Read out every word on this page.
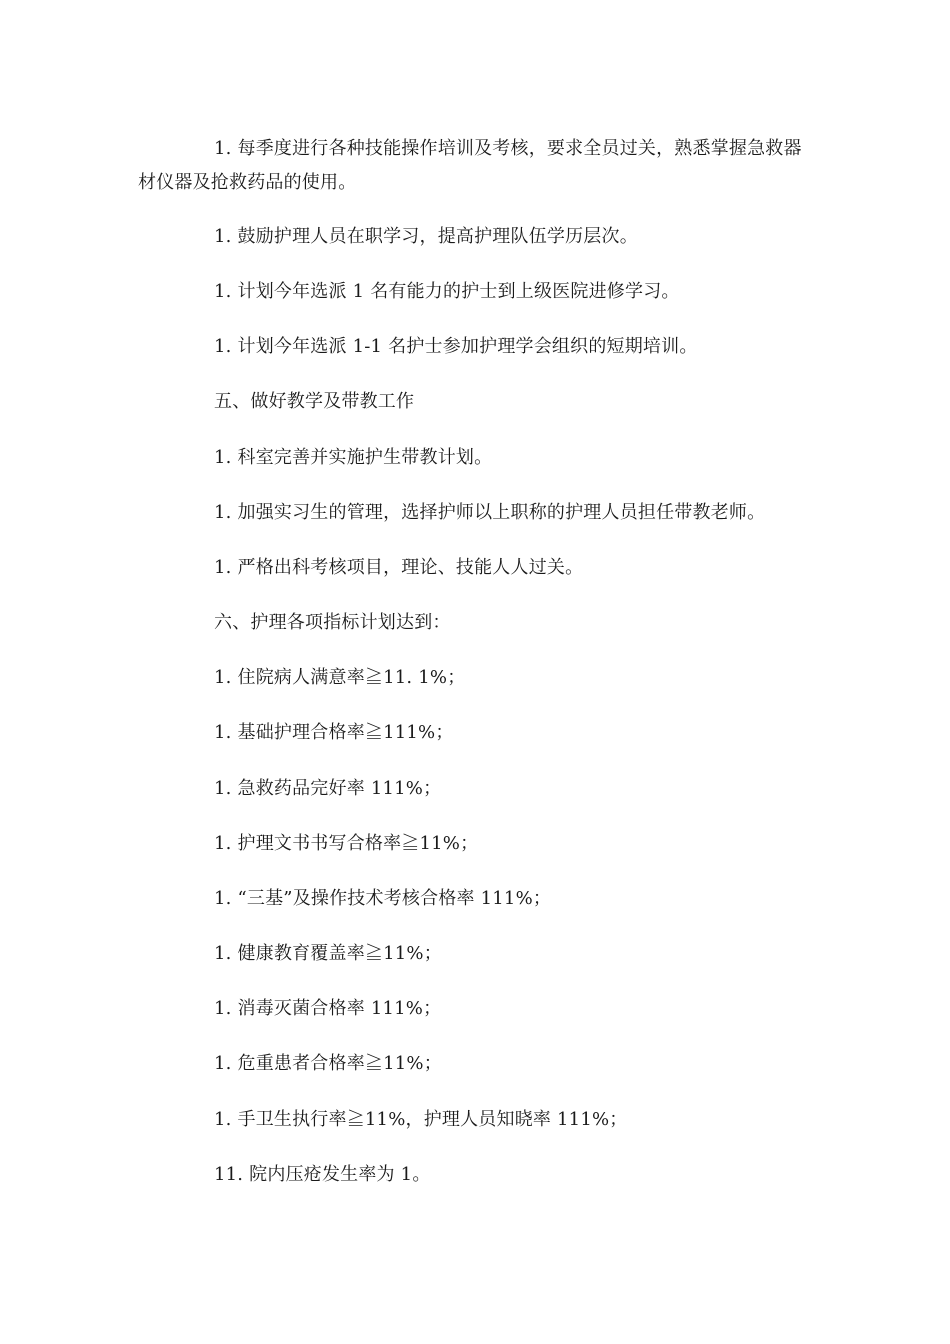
1. 每季度进行各种技能操作培训及考核，要求全员过关，熟悉掌握急救器材仪器及抢救药品的使用。

1. 鼓励护理人员在职学习，提高护理队伍学历层次。

1. 计划今年选派 1 名有能力的护士到上级医院进修学习。

1. 计划今年选派 1-1 名护士参加护理学会组织的短期培训。

五、做好教学及带教工作

1. 科室完善并实施护生带教计划。

1. 加强实习生的管理，选择护师以上职称的护理人员担任带教老师。

1. 严格出科考核项目，理论、技能人人过关。

六、护理各项指标计划达到：

1. 住院病人满意率≧11. 1%；

1. 基础护理合格率≧111%；

1. 急救药品完好率 111%；

1. 护理文书书写合格率≧11%；

1. “三基”及操作技术考核合格率 111%；

1. 健康教育覆盖率≧11%；

1. 消毒灭菌合格率 111%；

1. 危重患者合格率≧11%；

1. 手卫生执行率≧11%，护理人员知晓率 111%；

11. 院内压疮发生率为 1。
